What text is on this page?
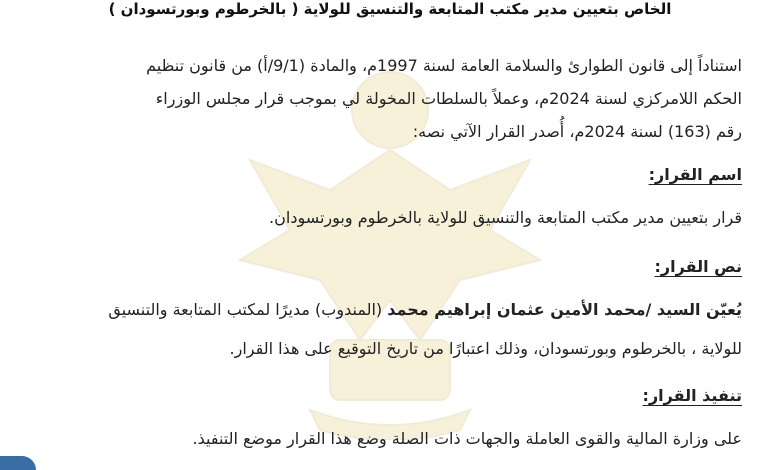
الخاص بتعيين مدير مكتب المتابعة والتنسيق للولاية ( بالخرطوم وبورتسودان )
استناداً إلى قانون الطوارئ والسلامة العامة لسنة 1997م، والمادة (9/1/أ) من قانون تنظيم
الحكم اللامركزي لسنة 2024م، وعملاً بالسلطات المخولة لي بموجب قرار مجلس الوزراء
رقم (163) لسنة 2024م، أُصدر القرار الآتي نصه:
اسم القرار:
قرار بتعيين مدير مكتب المتابعة والتنسيق للولاية بالخرطوم وبورتسودان.
نص القرار:
يُعيّن السيد /محمد الأمين عثمان إبراهيم محمد (المندوب) مديرًا لمكتب المتابعة والتنسيق
للولاية ، بالخرطوم وبورتسودان، وذلك اعتبارًا من تاريخ التوقيع على هذا القرار.
تنفيذ القرار:
على وزارة المالية والقوى العاملة والجهات ذات الصلة وضع هذا القرار موضع التنفيذ.
